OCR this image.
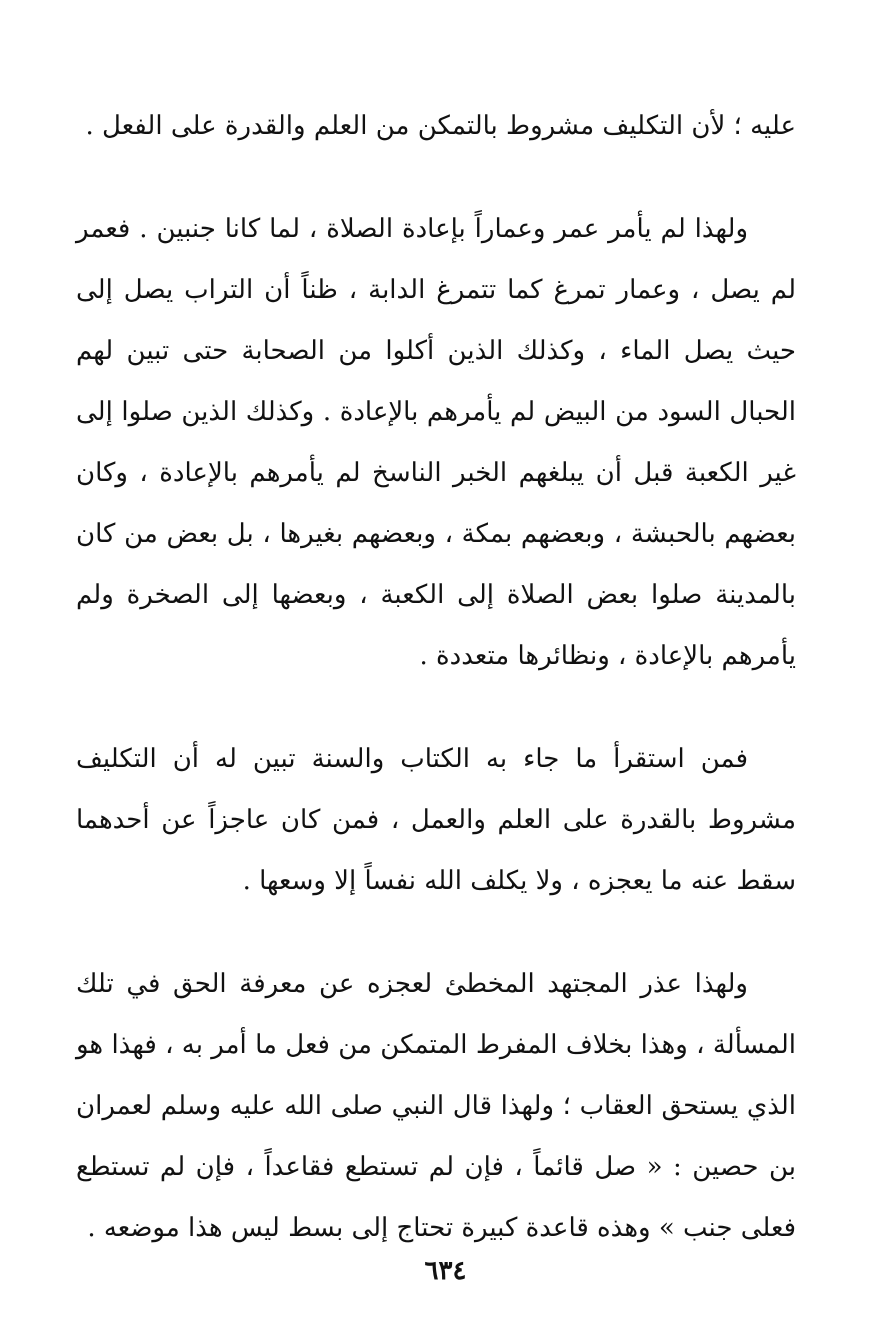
عليه ؛ لأن التكليف مشروط بالتمكن من العلم والقدرة على الفعل .

ولهذا لم يأمر عمر وعماراً بإعادة الصلاة ، لما كانا جنبين . فعمر لم يصل ، وعمار تمرغ كما تتمرغ الدابة ، ظناً أن التراب يصل إلى حيث يصل الماء ، وكذلك الذين أكلوا من الصحابة حتى تبين لهم الحبال السود من البيض لم يأمرهم بالإعادة . وكذلك الذين صلوا إلى غير الكعبة قبل أن يبلغهم الخبر الناسخ لم يأمرهم بالإعادة ، وكان بعضهم بالحبشة ، وبعضهم بمكة ، وبعضهم بغيرها ، بل بعض من كان بالمدينة صلوا بعض الصلاة إلى الكعبة ، وبعضها إلى الصخرة ولم يأمرهم بالإعادة ، ونظائرها متعددة .

فمن استقرأ ما جاء به الكتاب والسنة تبين له أن التكليف مشروط بالقدرة على العلم والعمل ، فمن كان عاجزاً عن أحدهما سقط عنه ما يعجزه ، ولا يكلف الله نفساً إلا وسعها .

ولهذا عذر المجتهد المخطئ لعجزه عن معرفة الحق في تلك المسألة ، وهذا بخلاف المفرط المتمكن من فعل ما أمر به ، فهذا هو الذي يستحق العقاب ؛ ولهذا قال النبي صلى الله عليه وسلم لعمران بن حصين : « صل قائماً ، فإن لم تستطع فقاعداً ، فإن لم تستطع فعلى جنب » وهذه قاعدة كبيرة تحتاج إلى بسط ليس هذا موضعه .

٦٣٤
